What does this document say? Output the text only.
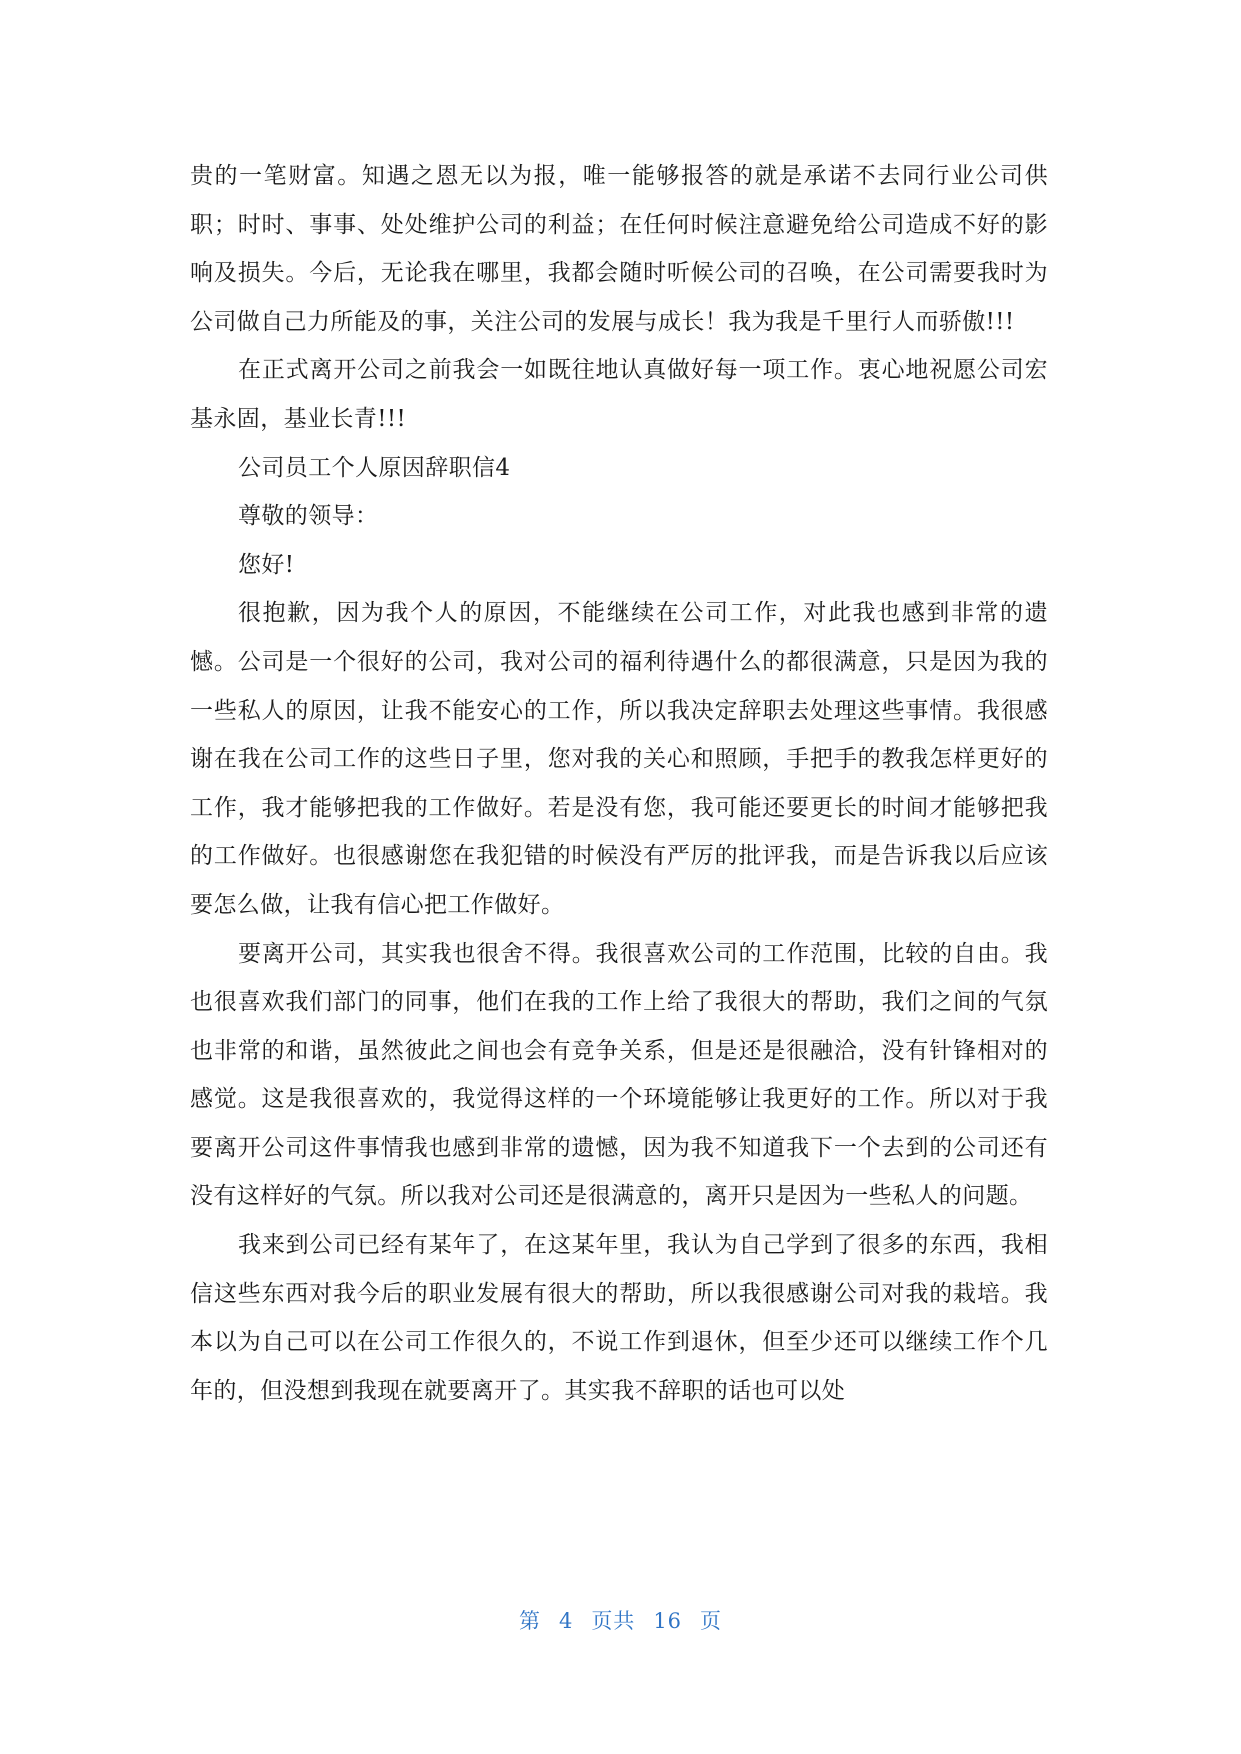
贵的一笔财富。知遇之恩无以为报，唯一能够报答的就是承诺不去同行业公司供职；时时、事事、处处维护公司的利益；在任何时候注意避免给公司造成不好的影响及损失。今后，无论我在哪里，我都会随时听候公司的召唤，在公司需要我时为公司做自己力所能及的事，关注公司的发展与成长！我为我是千里行人而骄傲!!!

在正式离开公司之前我会一如既往地认真做好每一项工作。衷心地祝愿公司宏基永固，基业长青!!!

公司员工个人原因辞职信4

尊敬的领导：

您好!

很抱歉，因为我个人的原因，不能继续在公司工作，对此我也感到非常的遗憾。公司是一个很好的公司，我对公司的福利待遇什么的都很满意，只是因为我的一些私人的原因，让我不能安心的工作，所以我决定辞职去处理这些事情。我很感谢在我在公司工作的这些日子里，您对我的关心和照顾，手把手的教我怎样更好的工作，我才能够把我的工作做好。若是没有您，我可能还要更长的时间才能够把我的工作做好。也很感谢您在我犯错的时候没有严厉的批评我，而是告诉我以后应该要怎么做，让我有信心把工作做好。

要离开公司，其实我也很舍不得。我很喜欢公司的工作范围，比较的自由。我也很喜欢我们部门的同事，他们在我的工作上给了我很大的帮助，我们之间的气氛也非常的和谐，虽然彼此之间也会有竞争关系，但是还是很融洽，没有针锋相对的感觉。这是我很喜欢的，我觉得这样的一个环境能够让我更好的工作。所以对于我要离开公司这件事情我也感到非常的遗憾，因为我不知道我下一个去到的公司还有没有这样好的气氛。所以我对公司还是很满意的，离开只是因为一些私人的问题。

我来到公司已经有某年了，在这某年里，我认为自己学到了很多的东西，我相信这些东西对我今后的职业发展有很大的帮助，所以我很感谢公司对我的栽培。我本以为自己可以在公司工作很久的，不说工作到退休，但至少还可以继续工作个几年的，但没想到我现在就要离开了。其实我不辞职的话也可以处

第 4 页共 16 页
